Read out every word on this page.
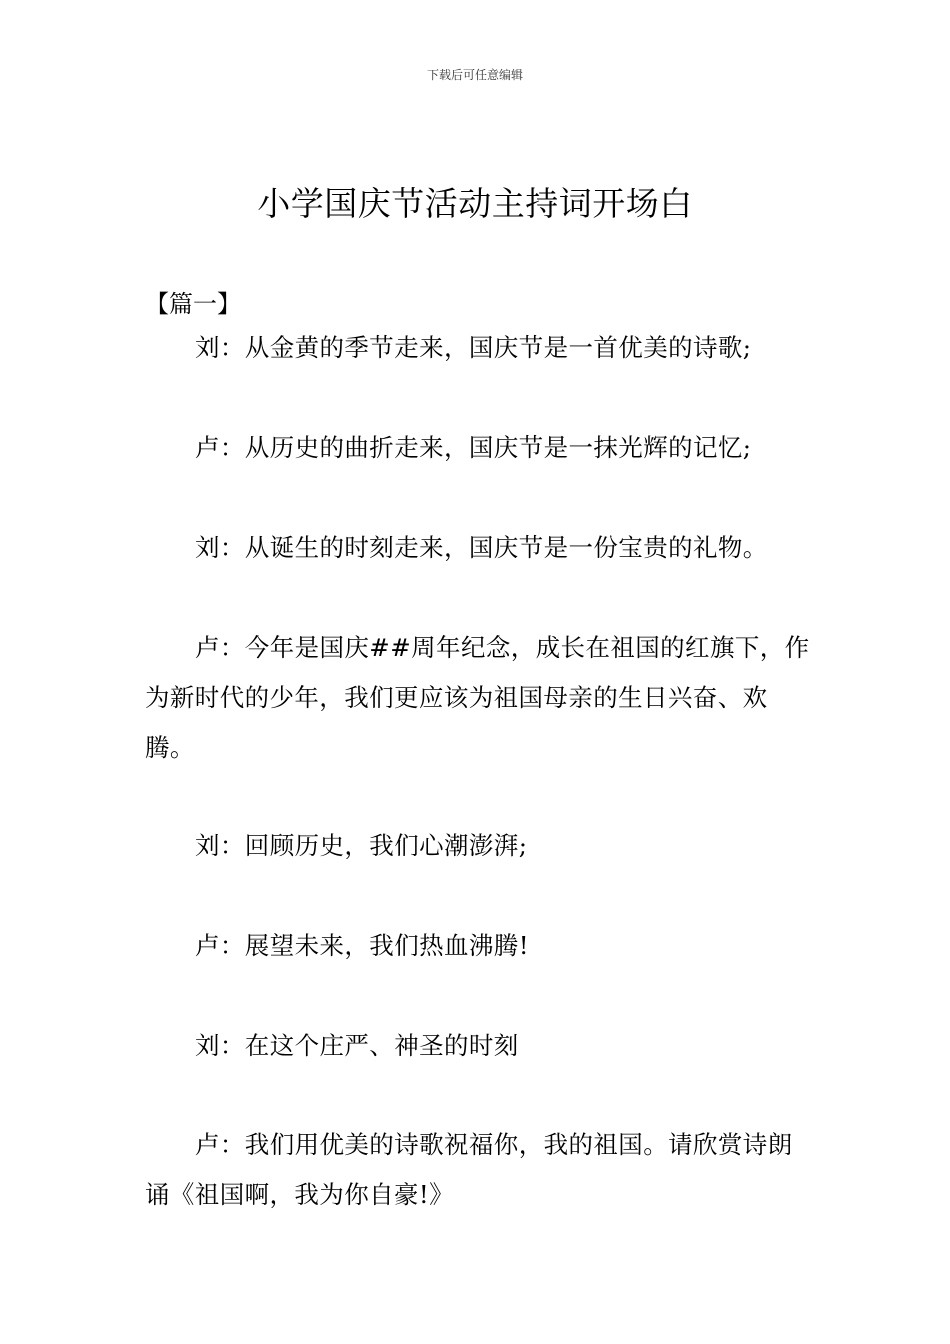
下载后可任意编辑
小学国庆节活动主持词开场白
【篇一】

刘：从金黄的季节走来，国庆节是一首优美的诗歌;

卢：从历史的曲折走来，国庆节是一抹光辉的记忆;

刘：从诞生的时刻走来，国庆节是一份宝贵的礼物。

卢：今年是国庆##周年纪念，成长在祖国的红旗下，作为新时代的少年，我们更应该为祖国母亲的生日兴奋、欢腾。

刘：回顾历史，我们心潮澎湃;

卢：展望未来，我们热血沸腾!

刘：在这个庄严、神圣的时刻

卢：我们用优美的诗歌祝福你，我的祖国。请欣赏诗朗诵《祖国啊，我为你自豪!》
